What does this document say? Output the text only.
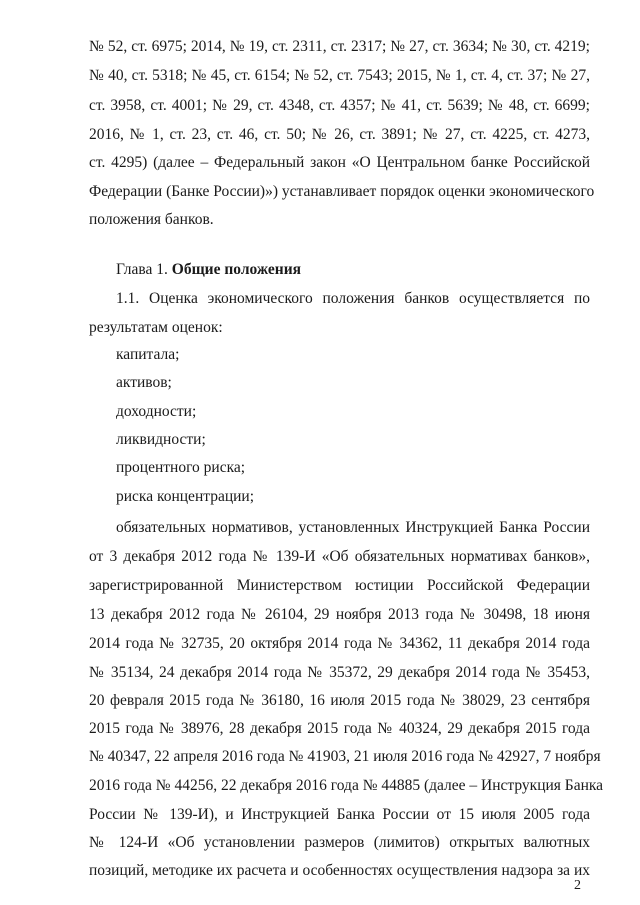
№ 52, ст. 6975; 2014, № 19, ст. 2311, ст. 2317; № 27, ст. 3634; № 30, ст. 4219;
№ 40, ст. 5318; № 45, ст. 6154; № 52, ст. 7543; 2015, № 1, ст. 4, ст. 37; № 27,
ст. 3958, ст. 4001; № 29, ст. 4348, ст. 4357; № 41, ст. 5639; № 48, ст. 6699;
2016, № 1, ст. 23, ст. 46, ст. 50; № 26, ст. 3891; № 27, ст. 4225, ст. 4273,
ст. 4295) (далее – Федеральный закон «О Центральном банке Российской
Федерации (Банке России)») устанавливает порядок оценки экономического
положения банков.
Глава 1. Общие положения
1.1. Оценка экономического положения банков осуществляется по
результатам оценок:
капитала;
активов;
доходности;
ликвидности;
процентного риска;
риска концентрации;
обязательных нормативов, установленных Инструкцией Банка России
от 3 декабря 2012 года № 139-И «Об обязательных нормативах банков»,
зарегистрированной Министерством юстиции Российской Федерации
13 декабря 2012 года № 26104, 29 ноября 2013 года № 30498, 18 июня
2014 года № 32735, 20 октября 2014 года № 34362, 11 декабря 2014 года
№ 35134, 24 декабря 2014 года № 35372, 29 декабря 2014 года № 35453,
20 февраля 2015 года № 36180, 16 июля 2015 года № 38029, 23 сентября
2015 года № 38976, 28 декабря 2015 года № 40324, 29 декабря 2015 года
№ 40347, 22 апреля 2016 года № 41903, 21 июля 2016 года № 42927, 7 ноября
2016 года № 44256, 22 декабря 2016 года № 44885 (далее – Инструкция Банка
России № 139-И), и Инструкцией Банка России от 15 июля 2005 года
№ 124-И «Об установлении размеров (лимитов) открытых валютных
позиций, методике их расчета и особенностях осуществления надзора за их
2
